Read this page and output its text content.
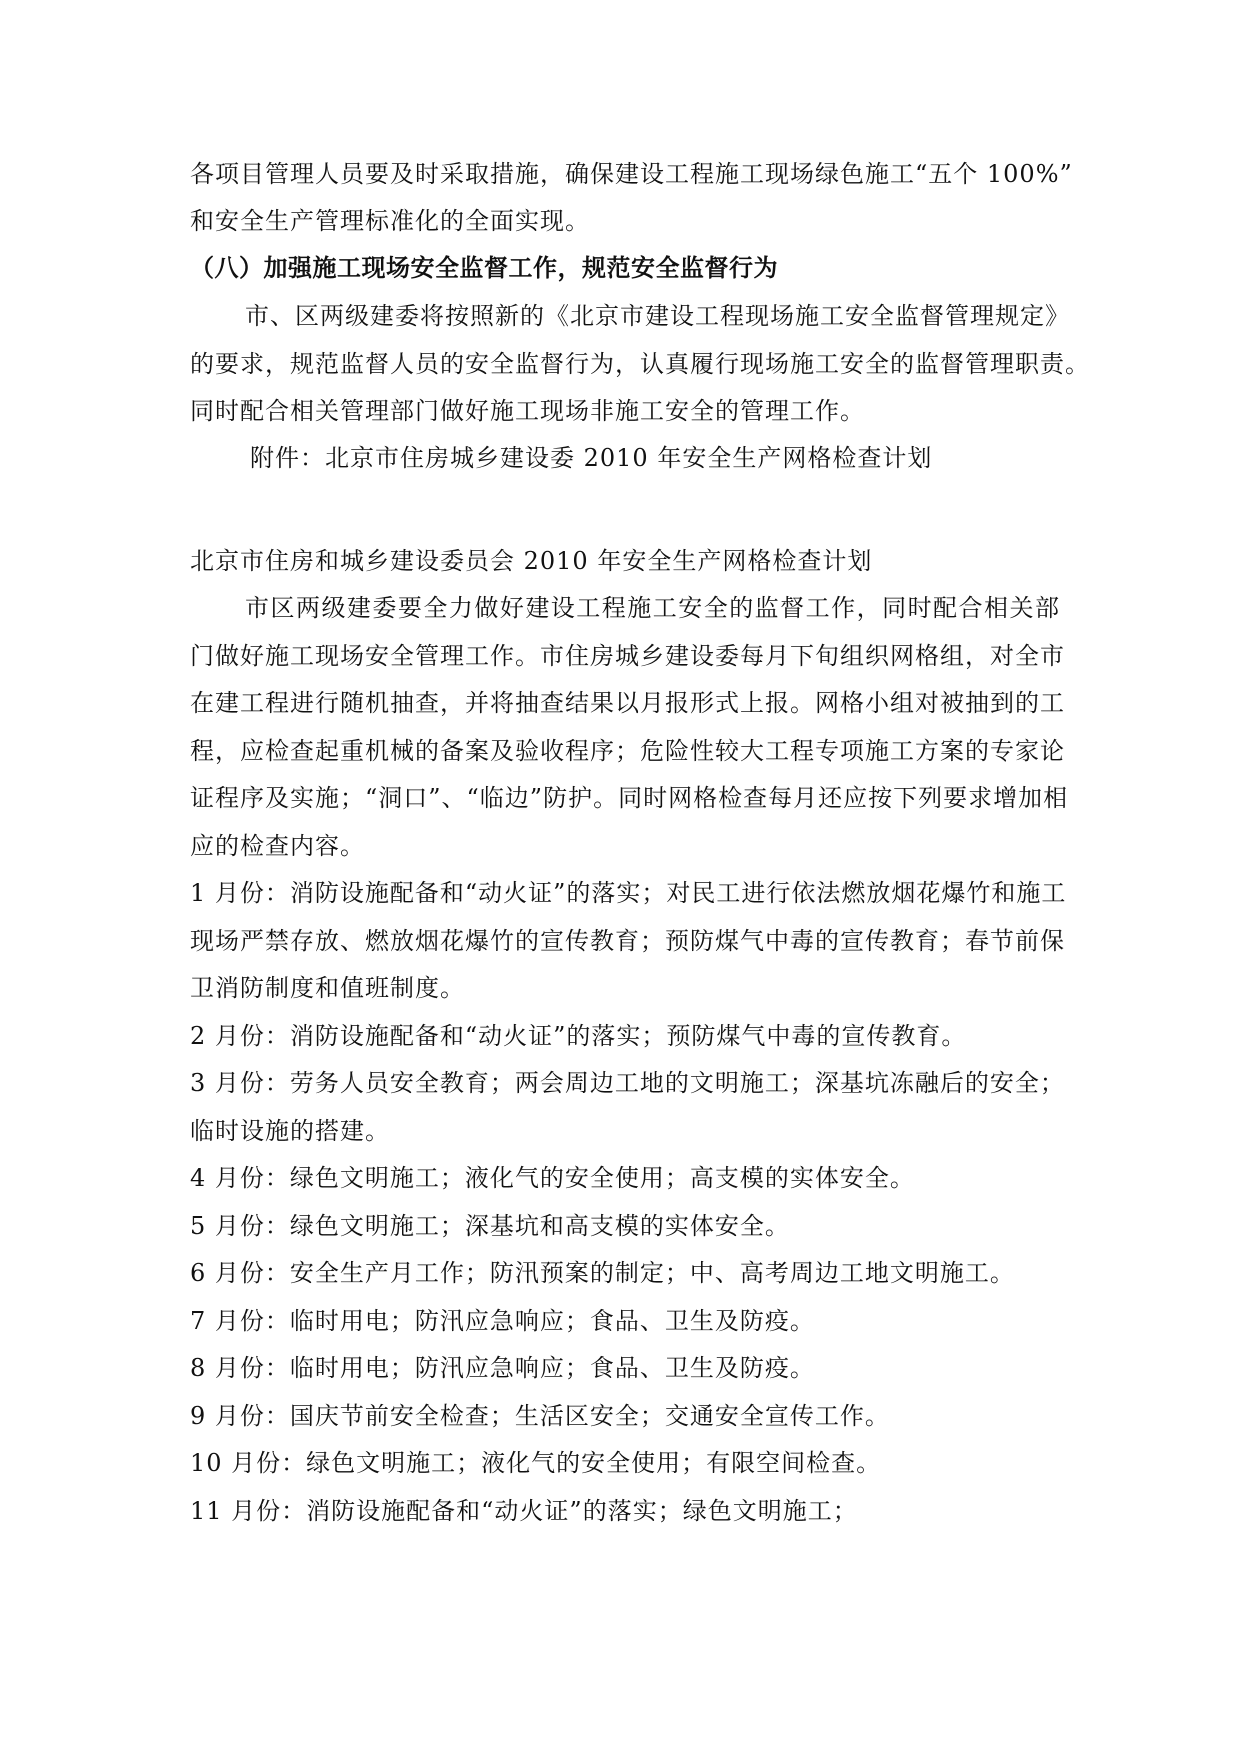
各项目管理人员要及时采取措施，确保建设工程施工现场绿色施工“五个 100%”
和安全生产管理标准化的全面实现。
（八）加强施工现场安全监督工作，规范安全监督行为
市、区两级建委将按照新的《北京市建设工程现场施工安全监督管理规定》
的要求，规范监督人员的安全监督行为，认真履行现场施工安全的监督管理职责。
同时配合相关管理部门做好施工现场非施工安全的管理工作。
附件：北京市住房城乡建设委 2010 年安全生产网格检查计划
北京市住房和城乡建设委员会 2010 年安全生产网格检查计划
市区两级建委要全力做好建设工程施工安全的监督工作，同时配合相关部
门做好施工现场安全管理工作。市住房城乡建设委每月下旬组织网格组，对全市
在建工程进行随机抽查，并将抽查结果以月报形式上报。网格小组对被抽到的工
程，应检查起重机械的备案及验收程序；危险性较大工程专项施工方案的专家论
证程序及实施；“洞口”、“临边”防护。同时网格检查每月还应按下列要求增加相
应的检查内容。
1 月份：消防设施配备和“动火证”的落实；对民工进行依法燃放烟花爆竹和施工
现场严禁存放、燃放烟花爆竹的宣传教育；预防煤气中毒的宣传教育；春节前保
卫消防制度和值班制度。
2 月份：消防设施配备和“动火证”的落实；预防煤气中毒的宣传教育。
3 月份：劳务人员安全教育；两会周边工地的文明施工；深基坑冻融后的安全；
临时设施的搭建。
4 月份：绿色文明施工；液化气的安全使用；高支模的实体安全。
5 月份：绿色文明施工；深基坑和高支模的实体安全。
6 月份：安全生产月工作；防汛预案的制定；中、高考周边工地文明施工。
7 月份：临时用电；防汛应急响应；食品、卫生及防疫。
8 月份：临时用电；防汛应急响应；食品、卫生及防疫。
9 月份：国庆节前安全检查；生活区安全；交通安全宣传工作。
10 月份：绿色文明施工；液化气的安全使用；有限空间检查。
11 月份：消防设施配备和“动火证”的落实；绿色文明施工；
